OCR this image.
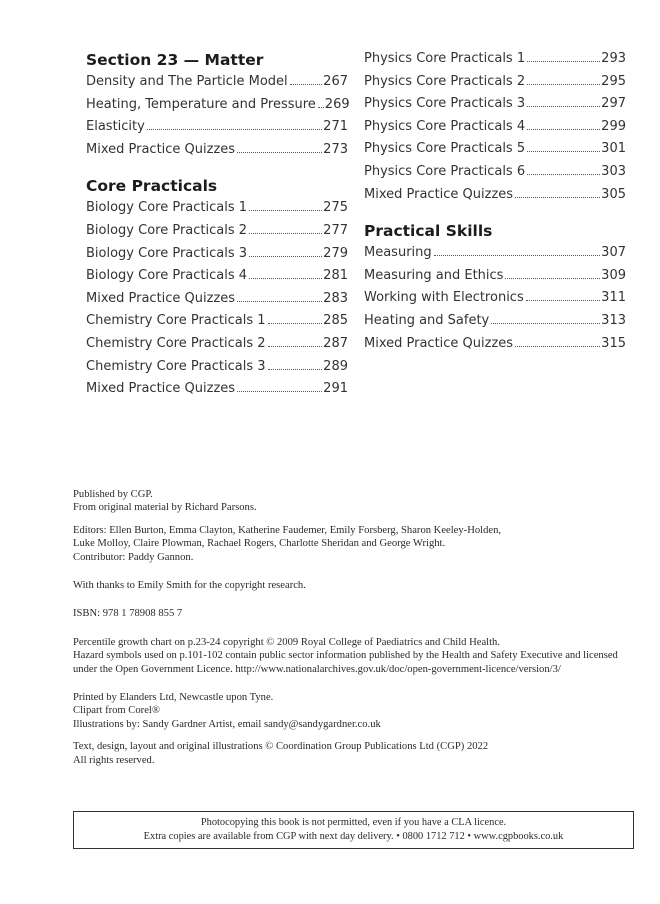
Section 23 — Matter
Density and The Particle Model	267
Heating, Temperature and Pressure 269
Elasticity	271
Mixed Practice Quizzes	273
Core Practicals
Biology Core Practicals 1	275
Biology Core Practicals 2	277
Biology Core Practicals 3	279
Biology Core Practicals 4	281
Mixed Practice Quizzes	283
Chemistry Core Practicals 1	285
Chemistry Core Practicals 2	287
Chemistry Core Practicals 3	289
Mixed Practice Quizzes	291
Physics Core Practicals 1	293
Physics Core Practicals 2	295
Physics Core Practicals 3	297
Physics Core Practicals 4	299
Physics Core Practicals 5	301
Physics Core Practicals 6	303
Mixed Practice Quizzes	305
Practical Skills
Measuring	307
Measuring and Ethics	309
Working with Electronics	311
Heating and Safety	313
Mixed Practice Quizzes	315

Published by CGP.

From original material by Richard Parsons.

Editors: Ellen Burton, Emma Clayton, Katherine Faudemer, Emily Forsberg, Sharon Keeley-Holden,

Luke Molloy, Claire Plowman, Rachael Rogers, Charlotte Sheridan and George Wright.

Contributor: Paddy Gannon.

With thanks to Emily Smith for the copyright research.

ISBN: 978 1 78908 855 7

Percentile growth chart on p.23-24 copyright © 2009 Royal College of Paediatrics and Child Health.

Hazard symbols used on p.101-102 contain public sector information published by the Health and Safety Executive and licensed

under the Open Government Licence. http://www.nationalarchives.gov.uk/doc/open-government-licence/version/3/

Printed by Elanders Ltd, Newcastle upon Tyne.

Clipart from Corel®

Illustrations by: Sandy Gardner Artist, email sandy@sandygardner.co.uk

Text, design, layout and original illustrations © Coordination Group Publications Ltd (CGP) 2022

All rights reserved.

Photocopying this book is not permitted, even if you have a CLA licence.
Extra copies are available from CGP with next day delivery. • 0800 1712 712 • www.cgpbooks.co.uk
